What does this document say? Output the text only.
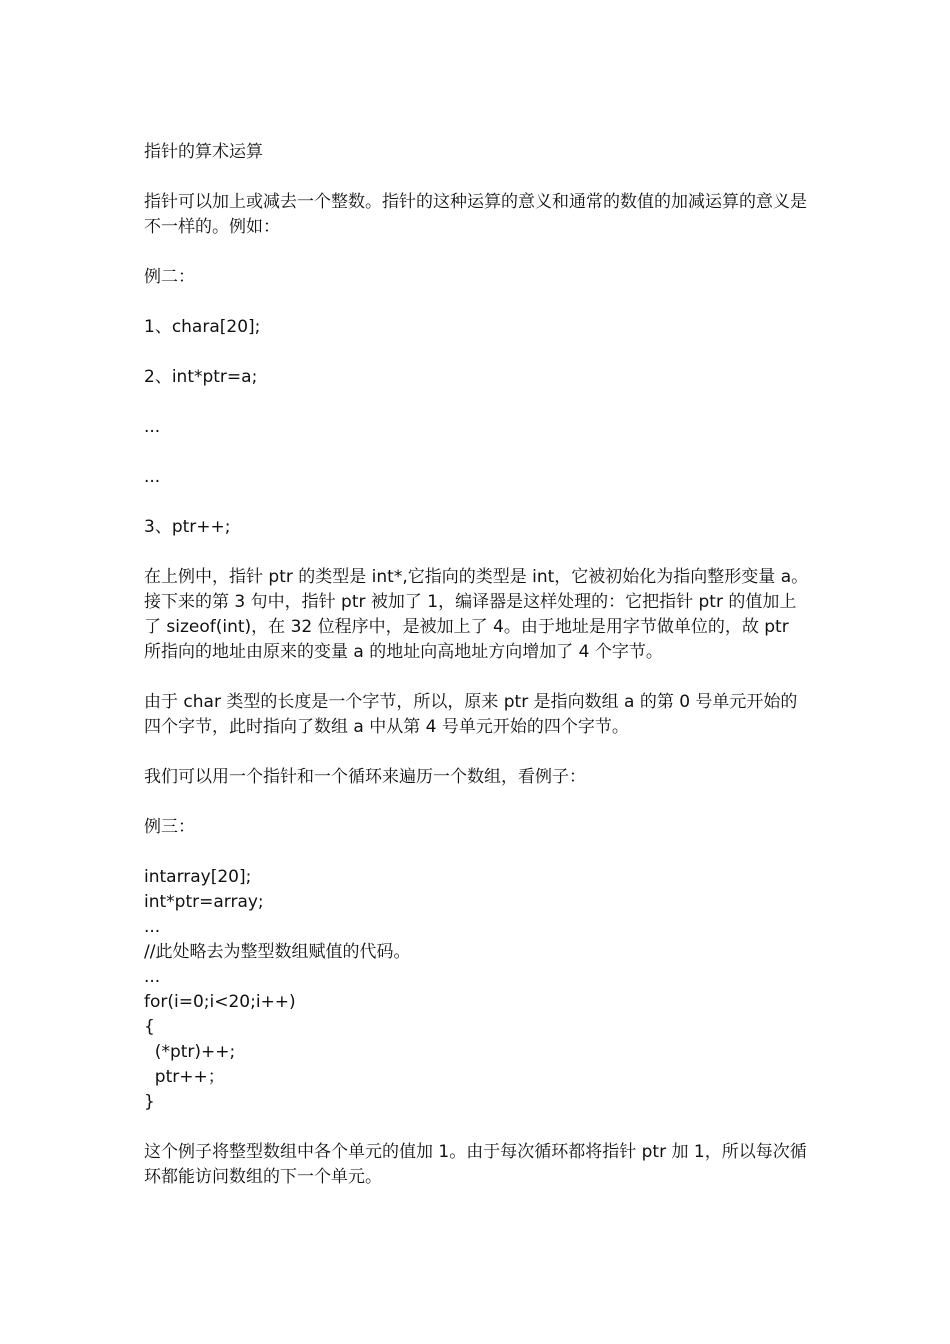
指针的算术运算

指针可以加上或减去一个整数。指针的这种运算的意义和通常的数值的加减运算的意义是不一样的。例如：

例二：

1、chara[20];

2、int*ptr=a;

...

...

3、ptr++;

在上例中，指针 ptr 的类型是 int*,它指向的类型是 int，它被初始化为指向整形变量 a。接下来的第 3 句中，指针 ptr 被加了 1，编译器是这样处理的：它把指针 ptr 的值加上了 sizeof(int)，在 32 位程序中，是被加上了 4。由于地址是用字节做单位的，故 ptr 所指向的地址由原来的变量 a 的地址向高地址方向增加了 4 个字节。

由于 char 类型的长度是一个字节，所以，原来 ptr 是指向数组 a 的第 0 号单元开始的四个字节，此时指向了数组 a 中从第 4 号单元开始的四个字节。

我们可以用一个指针和一个循环来遍历一个数组，看例子：

例三：

intarray[20];
int*ptr=array;
...
//此处略去为整型数组赋值的代码。
...
for(i=0;i<20;i++)
{
(*ptr)++;
ptr++；
}

这个例子将整型数组中各个单元的值加 1。由于每次循环都将指针 ptr 加 1，所以每次循环都能访问数组的下一个单元。
